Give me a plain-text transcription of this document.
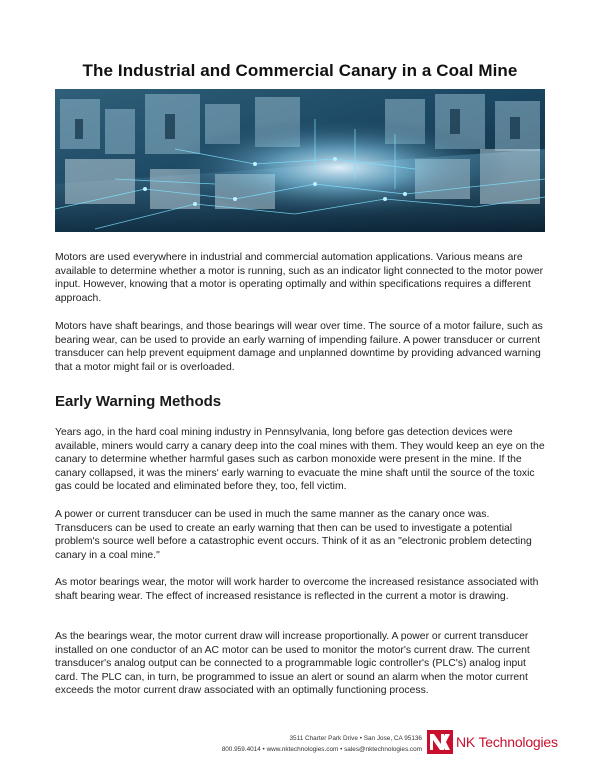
The Industrial and Commercial Canary in a Coal Mine

Motors are used everywhere in industrial and commercial automation applications. Various means are available to determine whether a motor is running, such as an indicator light connected to the motor power input. However, knowing that a motor is operating optimally and within specifications requires a different approach.

Motors have shaft bearings, and those bearings will wear over time. The source of a motor failure, such as bearing wear, can be used to provide an early warning of impending failure. A power transducer or current transducer can help prevent equipment damage and unplanned downtime by providing advanced warning that a motor might fail or is overloaded.

Early Warning Methods

Years ago, in the hard coal mining industry in Pennsylvania, long before gas detection devices were available, miners would carry a canary deep into the coal mines with them. They would keep an eye on the canary to determine whether harmful gases such as carbon monoxide were present in the mine. If the canary collapsed, it was the miners' early warning to evacuate the mine shaft until the source of the toxic gas could be located and eliminated before they, too, fell victim.

A power or current transducer can be used in much the same manner as the canary once was. Transducers can be used to create an early warning that then can be used to investigate a potential problem's source well before a catastrophic event occurs. Think of it as an "electronic problem detecting canary in a coal mine."

As motor bearings wear, the motor will work harder to overcome the increased resistance associated with shaft bearing wear. The effect of increased resistance is reflected in the current a motor is drawing.

As the bearings wear, the motor current draw will increase proportionally. A power or current transducer installed on one conductor of an AC motor can be used to monitor the motor's current draw. The current transducer's analog output can be connected to a programmable logic controller's (PLC's) analog input card. The PLC can, in turn, be programmed to issue an alert or sound an alarm when the motor current exceeds the motor current draw associated with an optimally functioning process.

3511 Charter Park Drive • San Jose, CA 95136
800.959.4014 • www.nktechnologies.com • sales@nktechnologies.com NK Technologies
